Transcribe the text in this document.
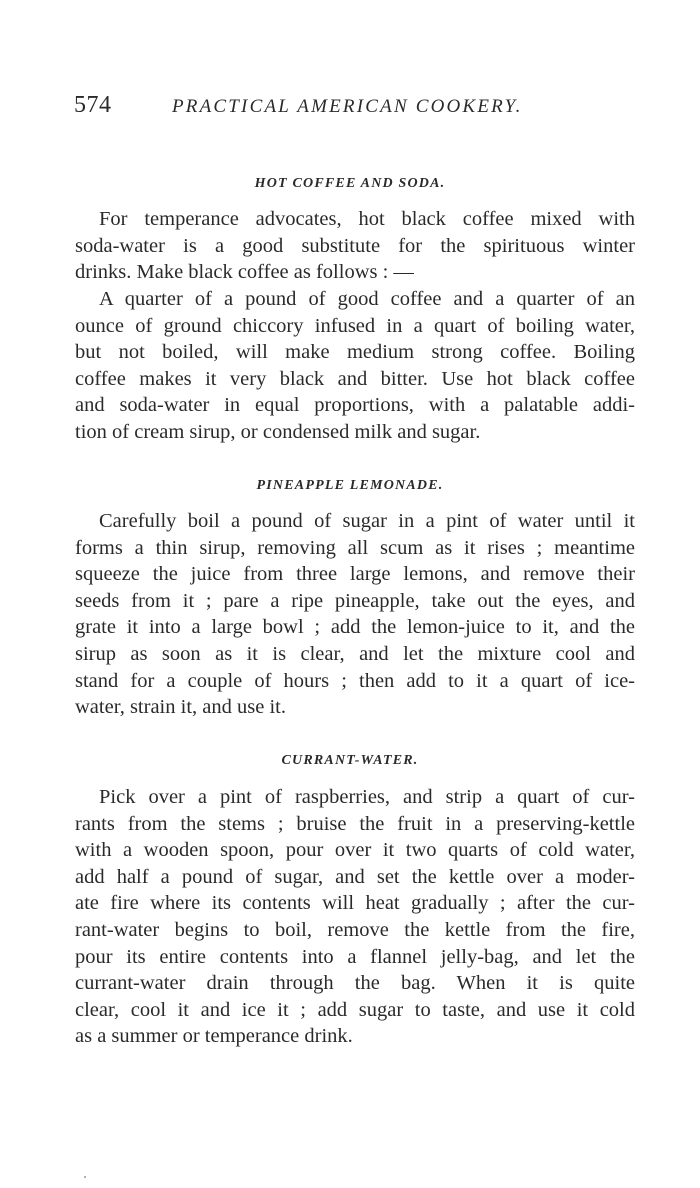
574	PRACTICAL AMERICAN COOKERY.
HOT COFFEE AND SODA.

For temperance advocates, hot black coffee mixed with
soda-water is a good substitute for the spirituous winter
drinks. Make black coffee as follows : —

A quarter of a pound of good coffee and a quarter of an
ounce of ground chiccory infused in a quart of boiling water,
but not boiled, will make medium strong coffee. Boiling
coffee makes it very black and bitter. Use hot black coffee
and soda-water in equal proportions, with a palatable addi-
tion of cream sirup, or condensed milk and sugar.

PINEAPPLE LEMONADE.

Carefully boil a pound of sugar in a pint of water until it
forms a thin sirup, removing all scum as it rises ; meantime
squeeze the juice from three large lemons, and remove their
seeds from it ; pare a ripe pineapple, take out the eyes, and
grate it into a large bowl ; add the lemon-juice to it, and the
sirup as soon as it is clear, and let the mixture cool and
stand for a couple of hours ; then add to it a quart of ice-
water, strain it, and use it.

CURRANT-WATER.

Pick over a pint of raspberries, and strip a quart of cur-
rants from the stems ; bruise the fruit in a preserving-kettle
with a wooden spoon, pour over it two quarts of cold water,
add half a pound of sugar, and set the kettle over a moder-
ate fire where its contents will heat gradually ; after the cur-
rant-water begins to boil, remove the kettle from the fire,
pour its entire contents into a flannel jelly-bag, and let the
currant-water drain through the bag. When it is quite
clear, cool it and ice it ; add sugar to taste, and use it cold
as a summer or temperance drink.
